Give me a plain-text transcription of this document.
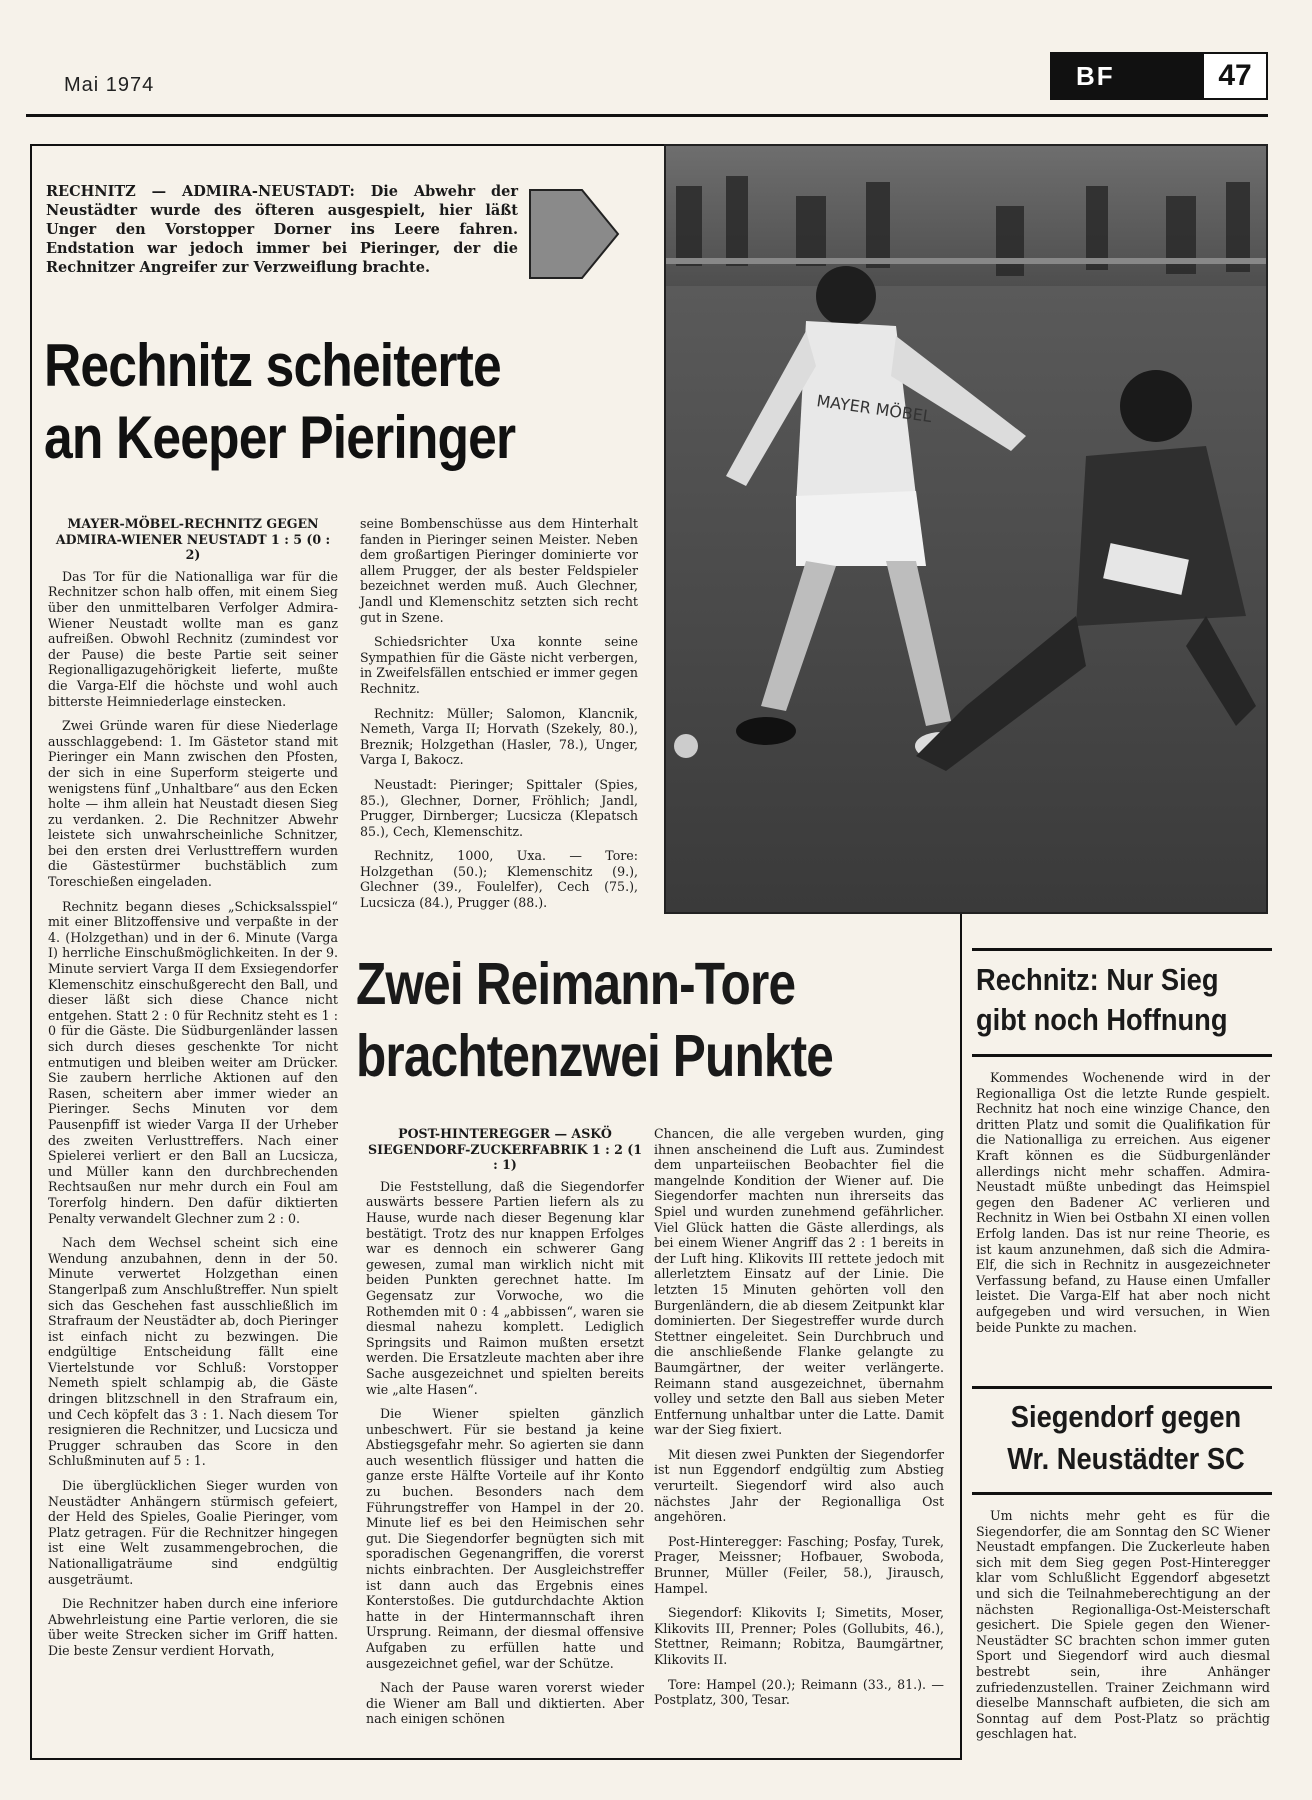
Mai 1974	BF	47
MAYER MÖBEL
RECHNITZ — ADMIRA-NEUSTADT: Die Abwehr der Neustädter wurde des öfteren ausgespielt, hier läßt Unger den Vorstopper Dorner ins Leere fahren. Endstation war jedoch immer bei Pieringer, der die Rechnitzer Angreifer zur Verzweiflung brachte.
Rechnitz scheiterte
an Keeper Pieringer

MAYER-MÖBEL-RECHNITZ GEGEN ADMIRA-WIENER NEUSTADT 1 : 5 (0 : 2)

Das Tor für die Nationalliga war für die Rechnitzer schon halb offen, mit einem Sieg über den unmittelbaren Verfolger Admira-Wiener Neustadt wollte man es ganz aufreißen. Obwohl Rechnitz (zumindest vor der Pause) die beste Partie seit seiner Regionalligazugehörigkeit lieferte, mußte die Varga-Elf die höchste und wohl auch bitterste Heimniederlage einstecken.

Zwei Gründe waren für diese Niederlage ausschlaggebend: 1. Im Gästetor stand mit Pieringer ein Mann zwischen den Pfosten, der sich in eine Superform steigerte und wenigstens fünf „Unhaltbare“ aus den Ecken holte — ihm allein hat Neustadt diesen Sieg zu verdanken. 2. Die Rechnitzer Abwehr leistete sich unwahrscheinliche Schnitzer, bei den ersten drei Verlusttreffern wurden die Gästestürmer buchstäblich zum Toreschießen eingeladen.

Rechnitz begann dieses „Schicksalsspiel“ mit einer Blitzoffensive und verpaßte in der 4. (Holzgethan) und in der 6. Minute (Varga I) herrliche Einschußmöglichkeiten. In der 9. Minute serviert Varga II dem Exsiegendorfer Klemenschitz einschußgerecht den Ball, und dieser läßt sich diese Chance nicht entgehen. Statt 2 : 0 für Rechnitz steht es 1 : 0 für die Gäste. Die Südburgenländer lassen sich durch dieses geschenkte Tor nicht entmutigen und bleiben weiter am Drücker. Sie zaubern herrliche Aktionen auf den Rasen, scheitern aber immer wieder an Pieringer. Sechs Minuten vor dem Pausenpfiff ist wieder Varga II der Urheber des zweiten Verlusttreffers. Nach einer Spielerei verliert er den Ball an Lucsicza, und Müller kann den durchbrechenden Rechtsaußen nur mehr durch ein Foul am Torerfolg hindern. Den dafür diktierten Penalty verwandelt Glechner zum 2 : 0.

Nach dem Wechsel scheint sich eine Wendung anzubahnen, denn in der 50. Minute verwertet Holzgethan einen Stangerlpaß zum Anschlußtreffer. Nun spielt sich das Geschehen fast ausschließlich im Strafraum der Neustädter ab, doch Pieringer ist einfach nicht zu bezwingen. Die endgültige Entscheidung fällt eine Viertelstunde vor Schluß: Vorstopper Nemeth spielt schlampig ab, die Gäste dringen blitzschnell in den Strafraum ein, und Cech köpfelt das 3 : 1. Nach diesem Tor resignieren die Rechnitzer, und Lucsicza und Prugger schrauben das Score in den Schlußminuten auf 5 : 1.

Die überglücklichen Sieger wurden von Neustädter Anhängern stürmisch gefeiert, der Held des Spieles, Goalie Pieringer, vom Platz getragen. Für die Rechnitzer hingegen ist eine Welt zusammengebrochen, die Nationalligaträume sind endgültig ausgeträumt.

Die Rechnitzer haben durch eine inferiore Abwehrleistung eine Partie verloren, die sie über weite Strecken sicher im Griff hatten. Die beste Zensur verdient Horvath,

seine Bombenschüsse aus dem Hinterhalt fanden in Pieringer seinen Meister. Neben dem großartigen Pieringer dominierte vor allem Prugger, der als bester Feldspieler bezeichnet werden muß. Auch Glechner, Jandl und Klemenschitz setzten sich recht gut in Szene.

Schiedsrichter Uxa konnte seine Sympathien für die Gäste nicht verbergen, in Zweifelsfällen entschied er immer gegen Rechnitz.

Rechnitz: Müller; Salomon, Klancnik, Nemeth, Varga II; Horvath (Szekely, 80.), Breznik; Holzgethan (Hasler, 78.), Unger, Varga I, Bakocz.

Neustadt: Pieringer; Spittaler (Spies, 85.), Glechner, Dorner, Fröhlich; Jandl, Prugger, Dirnberger; Lucsicza (Klepatsch 85.), Cech, Klemenschitz.

Rechnitz, 1000, Uxa. — Tore: Holzgethan (50.); Klemenschitz (9.), Glechner (39., Foulelfer), Cech (75.), Lucsicza (84.), Prugger (88.).

Zwei Reimann-Tore
brachtenzwei Punkte

POST-HINTEREGGER — ASKÖ SIEGENDORF-ZUCKERFABRIK 1 : 2 (1 : 1)

Die Feststellung, daß die Siegendorfer auswärts bessere Partien liefern als zu Hause, wurde nach dieser Begenung klar bestätigt. Trotz des nur knappen Erfolges war es dennoch ein schwerer Gang gewesen, zumal man wirklich nicht mit beiden Punkten gerechnet hatte. Im Gegensatz zur Vorwoche, wo die Rothemden mit 0 : 4 „abbissen“, waren sie diesmal nahezu komplett. Lediglich Springsits und Raimon mußten ersetzt werden. Die Ersatzleute machten aber ihre Sache ausgezeichnet und spielten bereits wie „alte Hasen“.

Die Wiener spielten gänzlich unbeschwert. Für sie bestand ja keine Abstiegsgefahr mehr. So agierten sie dann auch wesentlich flüssiger und hatten die ganze erste Hälfte Vorteile auf ihr Konto zu buchen. Besonders nach dem Führungstreffer von Hampel in der 20. Minute lief es bei den Heimischen sehr gut. Die Siegendorfer begnügten sich mit sporadischen Gegenangriffen, die vorerst nichts einbrachten. Der Ausgleichstreffer ist dann auch das Ergebnis eines Konterstoßes. Die gutdurchdachte Aktion hatte in der Hintermannschaft ihren Ursprung. Reimann, der diesmal offensive Aufgaben zu erfüllen hatte und ausgezeichnet gefiel, war der Schütze.

Nach der Pause waren vorerst wieder die Wiener am Ball und diktierten. Aber nach einigen schönen

Chancen, die alle vergeben wurden, ging ihnen anscheinend die Luft aus. Zumindest dem unparteiischen Beobachter fiel die mangelnde Kondition der Wiener auf. Die Siegendorfer machten nun ihrerseits das Spiel und wurden zunehmend gefährlicher. Viel Glück hatten die Gäste allerdings, als bei einem Wiener Angriff das 2 : 1 bereits in der Luft hing. Klikovits III rettete jedoch mit allerletztem Einsatz auf der Linie. Die letzten 15 Minuten gehörten voll den Burgenländern, die ab diesem Zeitpunkt klar dominierten. Der Siegestreffer wurde durch Stettner eingeleitet. Sein Durchbruch und die anschließende Flanke gelangte zu Baumgärtner, der weiter verlängerte. Reimann stand ausgezeichnet, übernahm volley und setzte den Ball aus sieben Meter Entfernung unhaltbar unter die Latte. Damit war der Sieg fixiert.

Mit diesen zwei Punkten der Siegendorfer ist nun Eggendorf endgültig zum Abstieg verurteilt. Siegendorf wird also auch nächstes Jahr der Regionalliga Ost angehören.

Post-Hinteregger: Fasching; Posfay, Turek, Prager, Meissner; Hofbauer, Swoboda, Brunner, Müller (Feiler, 58.), Jirausch, Hampel.

Siegendorf: Klikovits I; Simetits, Moser, Klikovits III, Prenner; Poles (Gollubits, 46.), Stettner, Reimann; Robitza, Baumgärtner, Klikovits II.

Tore: Hampel (20.); Reimann (33., 81.). — Postplatz, 300, Tesar.

Rechnitz: Nur Sieg
gibt noch Hoffnung

Kommendes Wochenende wird in der Regionalliga Ost die letzte Runde gespielt. Rechnitz hat noch eine winzige Chance, den dritten Platz und somit die Qualifikation für die Nationalliga zu erreichen. Aus eigener Kraft können es die Südburgenländer allerdings nicht mehr schaffen. Admira-Neustadt müßte unbedingt das Heimspiel gegen den Badener AC verlieren und Rechnitz in Wien bei Ostbahn XI einen vollen Erfolg landen. Das ist nur reine Theorie, es ist kaum anzunehmen, daß sich die Admira-Elf, die sich in Rechnitz in ausgezeichneter Verfassung befand, zu Hause einen Umfaller leistet. Die Varga-Elf hat aber noch nicht aufgegeben und wird versuchen, in Wien beide Punkte zu machen.

Siegendorf gegen
Wr. Neustädter SC

Um nichts mehr geht es für die Siegendorfer, die am Sonntag den SC Wiener Neustadt empfangen. Die Zuckerleute haben sich mit dem Sieg gegen Post-Hinteregger klar vom Schlußlicht Eggendorf abgesetzt und sich die Teilnahmeberechtigung an der nächsten Regionalliga-Ost-Meisterschaft gesichert. Die Spiele gegen den Wiener-Neustädter SC brachten schon immer guten Sport und Siegendorf wird auch diesmal bestrebt sein, ihre Anhänger zufriedenzustellen. Trainer Zeichmann wird dieselbe Mannschaft aufbieten, die sich am Sonntag auf dem Post-Platz so prächtig geschlagen hat.
